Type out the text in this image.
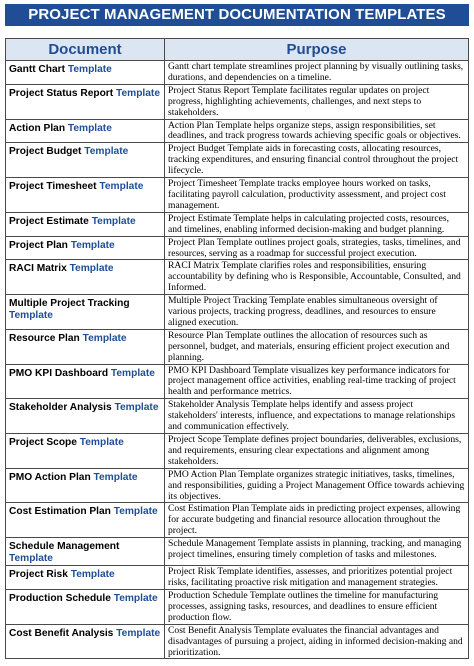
PROJECT MANAGEMENT DOCUMENTATION TEMPLATES
Document	Purpose
Gantt Chart Template	Gantt chart template streamlines project planning by visually outlining tasks, durations, and dependencies on a timeline.
Project Status Report Template	Project Status Report Template facilitates regular updates on project progress, highlighting achievements, challenges, and next steps to stakeholders.
Action Plan Template	Action Plan Template helps organize steps, assign responsibilities, set deadlines, and track progress towards achieving specific goals or objectives.
Project Budget Template	Project Budget Template aids in forecasting costs, allocating resources, tracking expenditures, and ensuring financial control throughout the project lifecycle.
Project Timesheet Template	Project Timesheet Template tracks employee hours worked on tasks, facilitating payroll calculation, productivity assessment, and project cost management.
Project Estimate Template	Project Estimate Template helps in calculating projected costs, resources, and timelines, enabling informed decision-making and budget planning.
Project Plan Template	Project Plan Template outlines project goals, strategies, tasks, timelines, and resources, serving as a roadmap for successful project execution.
RACI Matrix Template	RACI Matrix Template clarifies roles and responsibilities, ensuring accountability by defining who is Responsible, Accountable, Consulted, and Informed.
Multiple Project Tracking Template	Multiple Project Tracking Template enables simultaneous oversight of various projects, tracking progress, deadlines, and resources to ensure aligned execution.
Resource Plan Template	Resource Plan Template outlines the allocation of resources such as personnel, budget, and materials, ensuring efficient project execution and planning.
PMO KPI Dashboard Template	PMO KPI Dashboard Template visualizes key performance indicators for project management office activities, enabling real-time tracking of project health and performance metrics.
Stakeholder Analysis Template	Stakeholder Analysis Template helps identify and assess project stakeholders' interests, influence, and expectations to manage relationships and communication effectively.
Project Scope Template	Project Scope Template defines project boundaries, deliverables, exclusions, and requirements, ensuring clear expectations and alignment among stakeholders.
PMO Action Plan Template	PMO Action Plan Template organizes strategic initiatives, tasks, timelines, and responsibilities, guiding a Project Management Office towards achieving its objectives.
Cost Estimation Plan Template	Cost Estimation Plan Template aids in predicting project expenses, allowing for accurate budgeting and financial resource allocation throughout the project.
Schedule Management Template	Schedule Management Template assists in planning, tracking, and managing project timelines, ensuring timely completion of tasks and milestones.
Project Risk Template	Project Risk Template identifies, assesses, and prioritizes potential project risks, facilitating proactive risk mitigation and management strategies.
Production Schedule Template	Production Schedule Template outlines the timeline for manufacturing processes, assigning tasks, resources, and deadlines to ensure efficient production flow.
Cost Benefit Analysis Template	Cost Benefit Analysis Template evaluates the financial advantages and disadvantages of pursuing a project, aiding in informed decision-making and prioritization.
